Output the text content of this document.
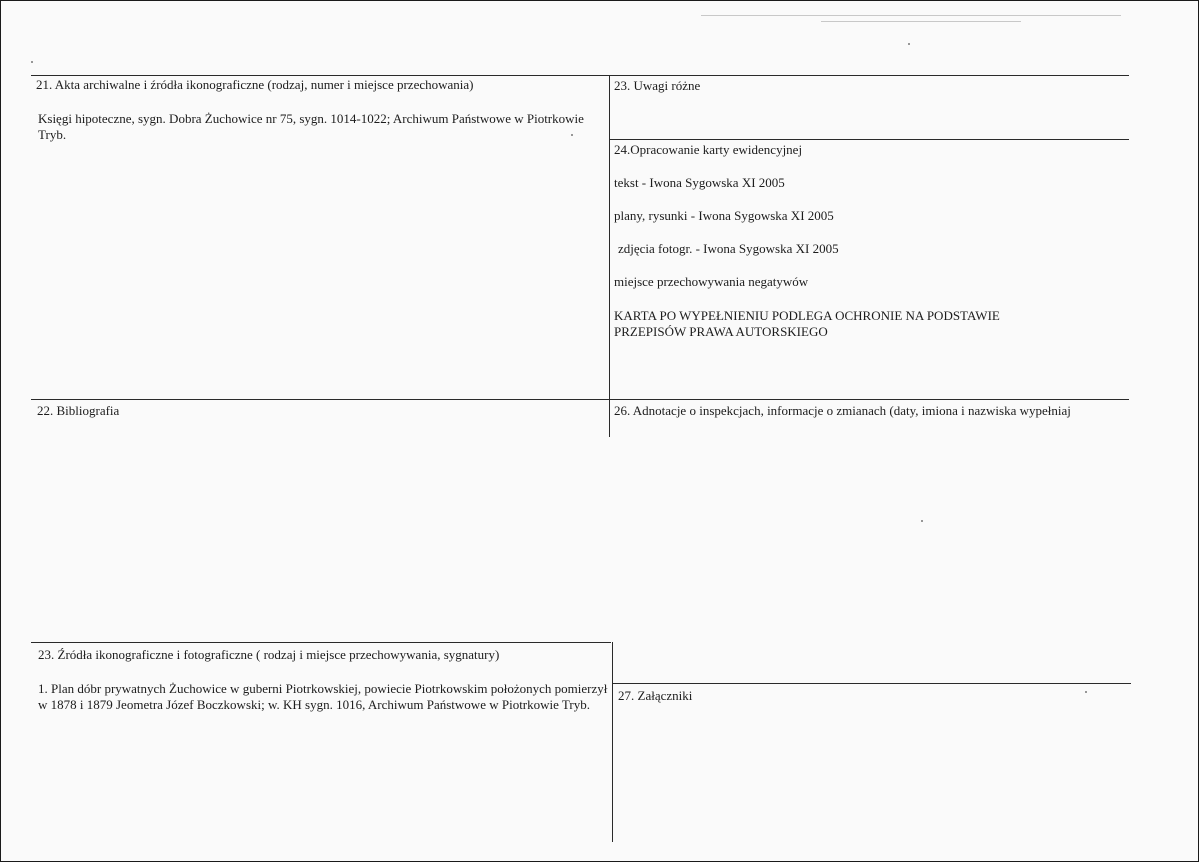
21. Akta archiwalne i źródła ikonograficzne (rodzaj, numer i miejsce przechowania)
Księgi hipoteczne, sygn. Dobra Żuchowice nr 75, sygn. 1014-1022; Archiwum Państwowe w Piotrkowie Tryb.
22. Bibliografia
23. Źródła ikonograficzne i fotograficzne ( rodzaj i miejsce przechowywania, sygnatury)
1. Plan dóbr prywatnych Żuchowice w guberni Piotrkowskiej, powiecie Piotrkowskim położonych pomierzył w 1878 i 1879 Jeometra Józef Boczkowski; w. KH sygn. 1016, Archiwum Państwowe w Piotrkowie Tryb.
23. Uwagi różne
24.Opracowanie karty ewidencyjnej
tekst - Iwona Sygowska XI 2005
plany, rysunki - Iwona Sygowska XI 2005
zdjęcia fotogr. - Iwona Sygowska XI 2005
miejsce przechowywania negatywów
KARTA PO WYPEŁNIENIU PODLEGA OCHRONIE NA PODSTAWIE PRZEPISÓW PRAWA AUTORSKIEGO
26. Adnotacje o inspekcjach, informacje o zmianach (daty, imiona i nazwiska wypełniaj
27. Załączniki
